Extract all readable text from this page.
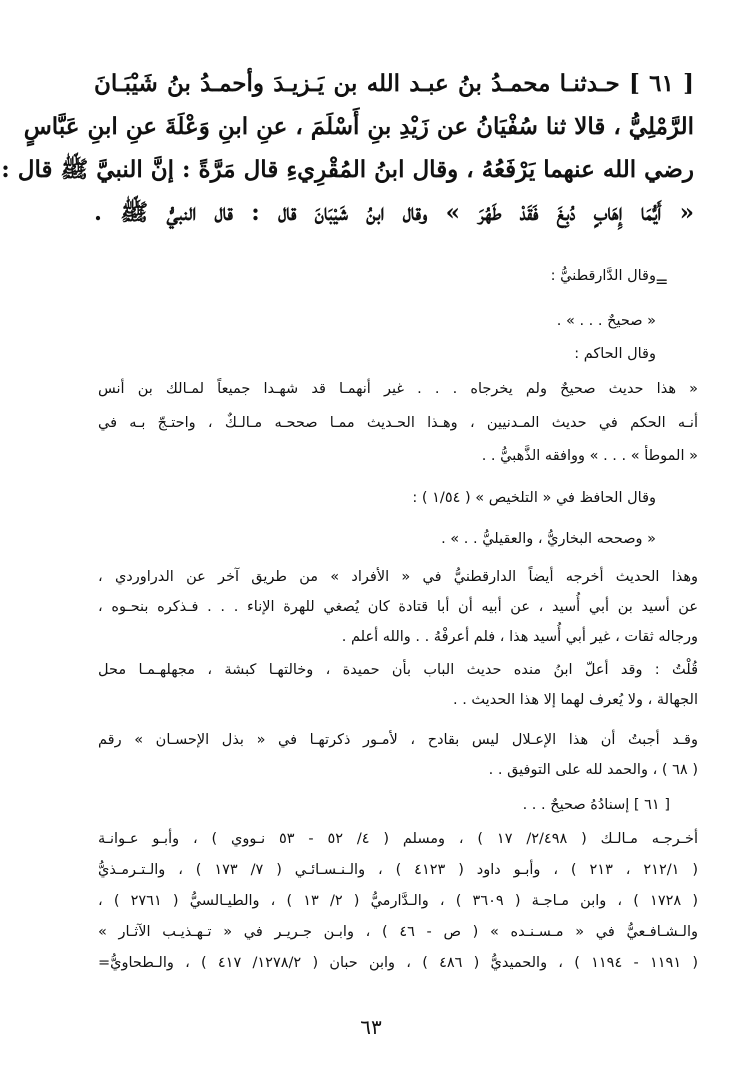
[ ٦١ ] حـدثنـا محمـدُ بنُ عبـد الله بن يَـزيـدَ وأحمـدُ بنُ شَيْبَـانَ

الرَّمْلِيُّ ، قالا ثنا سُفْيَانُ عن زَيْدِ بنِ أَسْلَمَ ، عنِ ابنِ وَعْلَةَ عنِ ابنِ عَبَّاسٍ

رضي الله عنهما يَرْفَعُهُ ، وقال ابنُ المُقْرِيءِ قال مَرَّةً : إنَّ النبيَّ ﷺ قال :

« أَيُّمَا إِهَابٍ دُبِغَ فَقَدْ طَهُرَ » وقال ابنُ شَيْبَانَ قال : قال النبيُّ ﷺ .

=
وقال الدَّارقطنيُّ :
« صحيحٌ . . . » .
وقال الحاكم :
« هذا حديث صحيحٌ ولم يخرجاه . . . غير أنهمـا قد شهـدا جميعاً لمـالك بن أنس
أنـه الحكم في حديث المـدنيين ، وهـذا الحـديث ممـا صححـه مـالـكٌ ، واحتـجّ بـه في
« الموطأ » . . . » ووافقه الذَّهبيُّ . .
وقال الحافظ في « التلخيص » ( ١/٥٤ ) :
« وصححه البخاريُّ ، والعقيليُّ . . » .
وهذا الحديث أخرجه أيضاً الدارقطنيُّ في « الأفراد » من طريق آخر عن الدراوردي ،
عن أسيد بن أبي أُسيد ، عن أبيه أن أبا قتادة كان يُصغي للهرة الإناء . . . فـذكره بنحـوه ،
ورجاله ثقات ، غير أبي أُسيد هذا ، فلم أعرفْهُ . . والله أعلم .
قُلْتُ : وقد أعلّ ابنُ منده حديث الباب بأن حميدة ، وخالتهـا كبشة ، مجهلهـمـا محل
الجهالة ، ولا يُعرف لهما إلا هذا الحديث . .
وقـد أجبتُ أن هذا الإعـلال ليس بقادح ، لأمـور ذكرتهـا في « بذل الإحسـان » رقم
( ٦٨ ) ، والحمد لله على التوفيق . .
[ ٦١ ] إسنادُهُ صحيحٌ . . .
أخـرجـه مـالـك ( ٢/٤٩٨/ ١٧ ) ، ومسلم ( ٤/ ٥٢ - ٥٣ نـووي ) ، وأبـو عـوانـة
( ٢١٢/١ ، ٢١٣ ) ، وأبـو داود ( ٤١٢٣ ) ، والـنـسـائـي ( ٧/ ١٧٣ ) ، والـتـرمـذيُّ
( ١٧٢٨ ) ، وابن مـاجـة ( ٣٦٠٩ ) ، والـدَّارميُّ ( ٢/ ١٣ ) ، والطيـالسيُّ ( ٢٧٦١ ) ،
والـشـافـعيُّ في « مـسـنـده » ( ص - ٤٦ ) ، وابـن جـريـر في « تـهـذيـب الآثـار »
( ١١٩١ - ١١٩٤ ) ، والحميديُّ ( ٤٨٦ ) ، وابن حبان ( ١٢٧٨/٢/ ٤١٧ ) ، والـطحاويُّ=
٦٣
